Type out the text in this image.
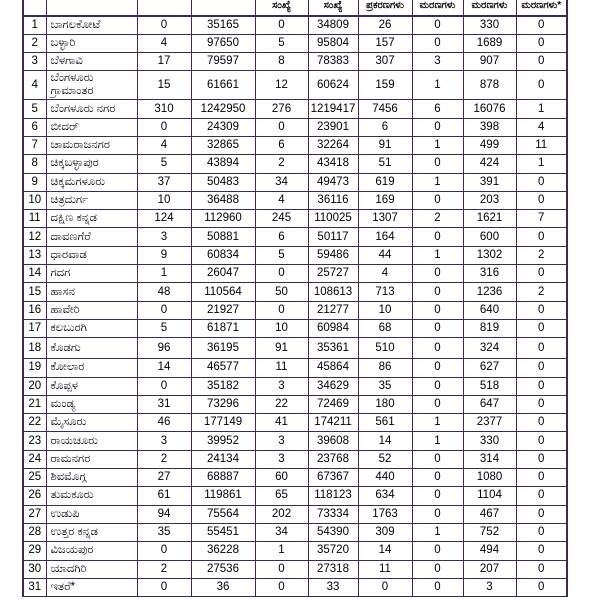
				ಸಂಖ್ಯೆ	ಸಂಖ್ಯೆ	ಪ್ರಕರಣಗಳು	ಮರಣಗಳು	ಮರಣಗಳು	ಮರಣಗಳು*
1	ಬಾಗಲಕೋಟೆ	0	35165	0	34809	26	0	330	0
2	ಬಳ್ಳಾರಿ	4	97650	5	95804	157	0	1689	0
3	ಬೆಳಗಾವಿ	17	79597	8	78383	307	3	907	0
4	ಬೆಂಗಳೂರು ಗ್ರಾಮಾಂತರ	15	61661	12	60624	159	1	878	0
5	ಬೆಂಗಳೂರು ನಗರ	310	1242950	276	1219417	7456	6	16076	1
6	ಬೀದರ್	0	24309	0	23901	6	0	398	4
7	ಚಾಮರಾಜನಗರ	4	32865	6	32264	91	1	499	11
8	ಚಿಕ್ಕಬಳ್ಳಾಪುರ	5	43894	2	43418	51	0	424	1
9	ಚಿಕ್ಕಮಗಳೂರು	37	50483	34	49473	619	1	391	0
10	ಚಿತ್ರದುರ್ಗ	10	36488	4	36116	169	0	203	0
11	ದಕ್ಷಿಣ ಕನ್ನಡ	124	112960	245	110025	1307	2	1621	7
12	ದಾವಣಗೆರೆ	3	50881	6	50117	164	0	600	0
13	ಧಾರವಾಡ	9	60834	5	59486	44	1	1302	2
14	ಗದಗ	1	26047	0	25727	4	0	316	0
15	ಹಾಸನ	48	110564	50	108613	713	0	1236	2
16	ಹಾವೇರಿ	0	21927	0	21277	10	0	640	0
17	ಕಲಬುರಗಿ	5	61871	10	60984	68	0	819	0
18	ಕೊಡಗು	96	36195	91	35361	510	0	324	0
19	ಕೋಲಾರ	14	46577	11	45864	86	0	627	0
20	ಕೊಪ್ಪಳ	0	35182	3	34629	35	0	518	0
21	ಮಂಡ್ಯ	31	73296	22	72469	180	0	647	0
22	ಮೈಸೂರು	46	177149	41	174211	561	1	2377	0
23	ರಾಯಚೂರು	3	39952	3	39608	14	1	330	0
24	ರಾಮನಗರ	2	24134	3	23768	52	0	314	0
25	ಶಿವಮೊಗ್ಗ	27	68887	60	67367	440	0	1080	0
26	ತುಮಕೂರು	61	119861	65	118123	634	0	1104	0
27	ಉಡುಪಿ	94	75564	202	73334	1763	0	467	0
28	ಉತ್ತರ ಕನ್ನಡ	35	55451	34	54390	309	1	752	0
29	ವಿಜಯಪುರ	0	36228	1	35720	14	0	494	0
30	ಯಾದಗಿರಿ	2	27536	0	27318	11	0	207	0
31	ಇತರೆ*	0	36	0	33	0	0	3	0
